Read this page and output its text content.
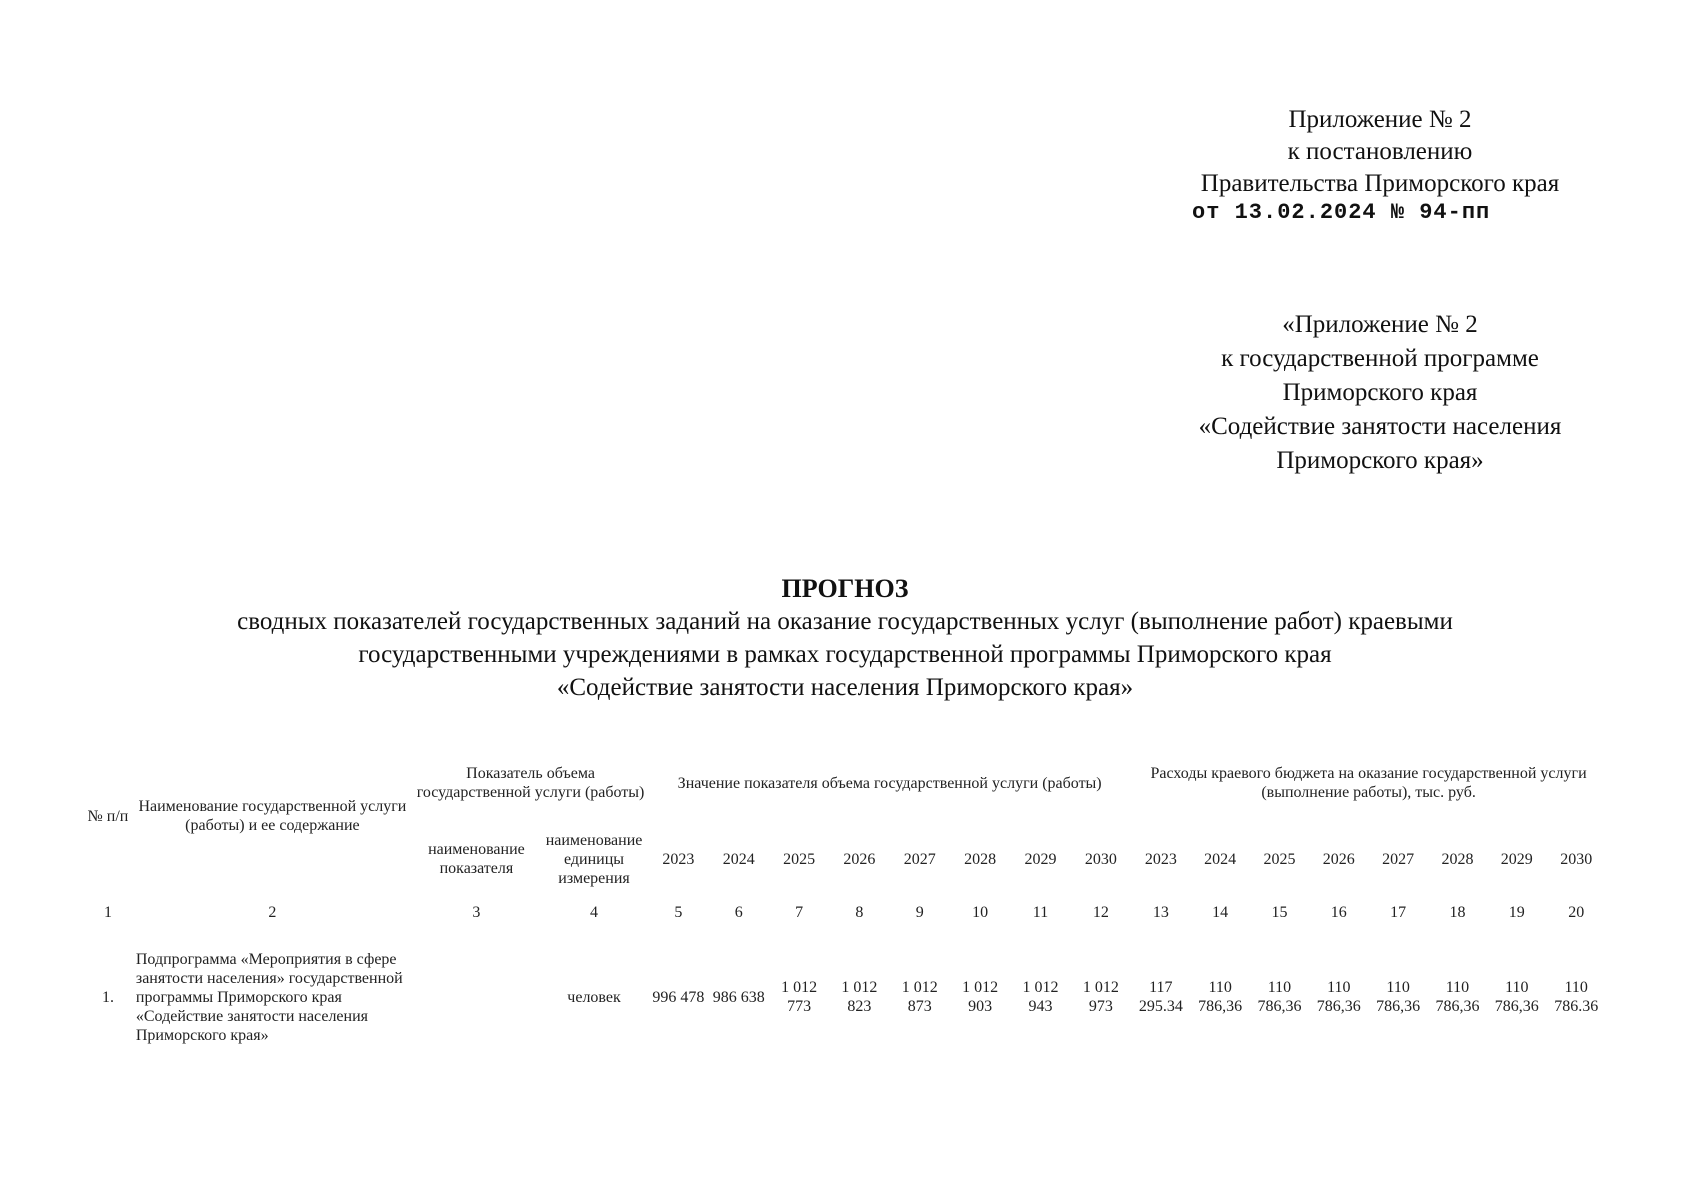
Приложение № 2
к постановлению
Правительства Приморского края
от 13.02.2024 № 94-пп
«Приложение № 2
к государственной программе
Приморского края
«Содействие занятости населения
Приморского края»
ПРОГНОЗ
сводных показателей государственных заданий на оказание государственных услуг (выполнение работ) краевыми
государственными учреждениями в рамках государственной программы Приморского края
«Содействие занятости населения Приморского края»
№ п/п	Наименование государственной услуги (работы) и ее содержание	Показатель объема государственной услуги (работы)		Значение показателя объема государственной услуги (работы)								Расходы краевого бюджета на оказание государственной услуги (выполнение работы), тыс. руб.							
		наименование показателя	наименование единицы измерения	2023	2024	2025	2026	2027	2028	2029	2030	2023	2024	2025	2026	2027	2028	2029	2030
1	2	3	4	5	6	7	8	9	10	11	12	13	14	15	16	17	18	19	20
1.	Подпрограмма «Мероприятия в сфере занятости населения» государственной программы Приморского края «Содействие занятости населения Приморского края»		человек	996 478	986 638	1 012 773	1 012 823	1 012 873	1 012 903	1 012 943	1 012 973	117 295.34	110 786,36	110 786,36	110 786,36	110 786,36	110 786,36	110 786,36	110 786.36
